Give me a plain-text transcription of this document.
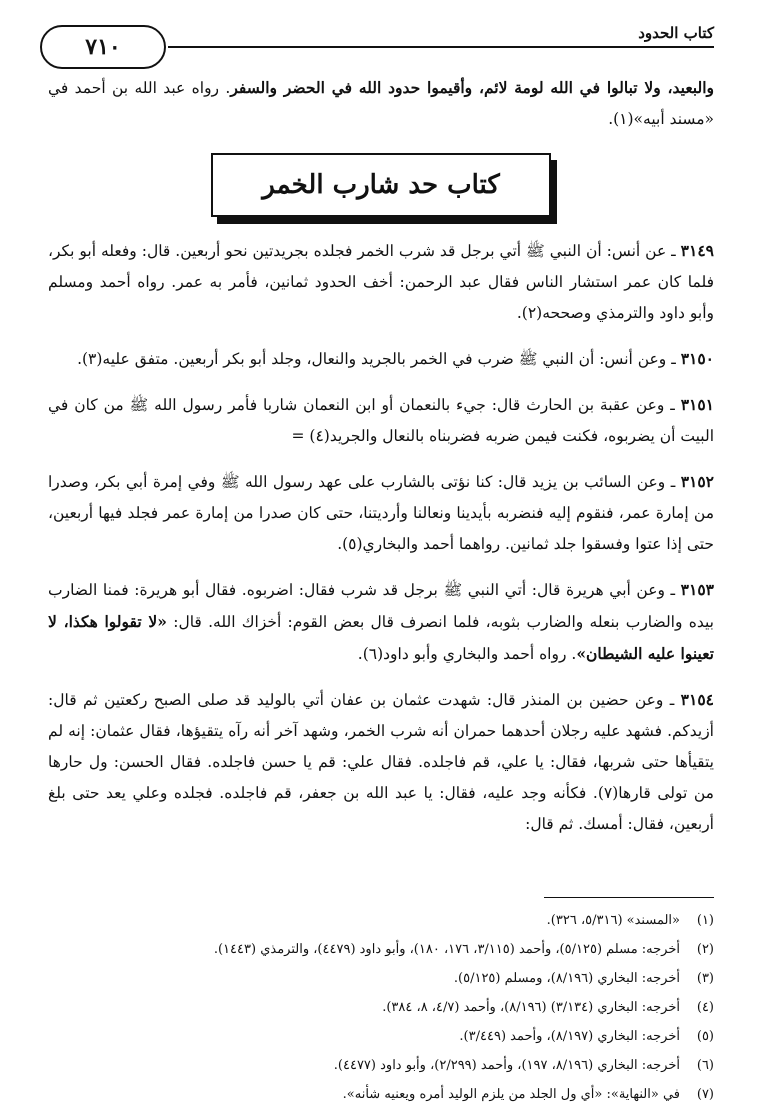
كتاب الحدود
٧١٠

والبعيد، ولا تبالوا في الله لومة لائم، وأقيموا حدود الله في الحضر والسفر. رواه عبد الله بن أحمد في «مسند أبيه»(١).

كتاب حد شارب الخمر

٣١٤٩ ـ عن أنس: أن النبي ﷺ أتي برجل قد شرب الخمر فجلده بجريدتين نحو أربعين. قال: وفعله أبو بكر، فلما كان عمر استشار الناس فقال عبد الرحمن: أخف الحدود ثمانين، فأمر به عمر. رواه أحمد ومسلم وأبو داود والترمذي وصححه(٢).

٣١٥٠ ـ وعن أنس: أن النبي ﷺ ضرب في الخمر بالجريد والنعال، وجلد أبو بكر أربعين. متفق عليه(٣).

٣١٥١ ـ وعن عقبة بن الحارث قال: جيء بالنعمان أو ابن النعمان شاربا فأمر رسول الله ﷺ من كان في البيت أن يضربوه، فكنت فيمن ضربه فضربناه بالنعال والجريد(٤) =

٣١٥٢ ـ وعن السائب بن يزيد قال: كنا نؤتى بالشارب على عهد رسول الله ﷺ وفي إمرة أبي بكر، وصدرا من إمارة عمر، فنقوم إليه فنضربه بأيدينا ونعالنا وأرديتنا، حتى كان صدرا من إمارة عمر فجلد فيها أربعين، حتى إذا عتوا وفسقوا جلد ثمانين. رواهما أحمد والبخاري(٥).

٣١٥٣ ـ وعن أبي هريرة قال: أتي النبي ﷺ برجل قد شرب فقال: اضربوه. فقال أبو هريرة: فمنا الضارب بيده والضارب بنعله والضارب بثوبه، فلما انصرف قال بعض القوم: أخزاك الله. قال: «لا تقولوا هكذا، لا تعينوا عليه الشيطان». رواه أحمد والبخاري وأبو داود(٦).

٣١٥٤ ـ وعن حضين بن المنذر قال: شهدت عثمان بن عفان أتي بالوليد قد صلى الصبح ركعتين ثم قال: أزيدكم. فشهد عليه رجلان أحدهما حمران أنه شرب الخمر، وشهد آخر أنه رآه يتقيؤها، فقال عثمان: إنه لم يتقيأها حتى شربها، فقال: يا علي، قم فاجلده. فقال علي: قم يا حسن فاجلده. فقال الحسن: ول حارها من تولى قارها(٧). فكأنه وجد عليه، فقال: يا عبد الله بن جعفر، قم فاجلده. فجلده وعلي يعد حتى بلغ أربعين، فقال: أمسك. ثم قال:

(١)
«المسند» (٥/٣١٦، ٣٢٦).
(٢)
أخرجه: مسلم (٥/١٢٥)، وأحمد (٣/١١٥، ١٧٦، ١٨٠)، وأبو داود (٤٤٧٩)، والترمذي (١٤٤٣).
(٣)
أخرجه: البخاري (٨/١٩٦)، ومسلم (٥/١٢٥).
(٤)
أخرجه: البخاري (٣/١٣٤) (٨/١٩٦)، وأحمد (٤/٧، ٨، ٣٨٤).
(٥)
أخرجه: البخاري (٨/١٩٧)، وأحمد (٣/٤٤٩).
(٦)
أخرجه: البخاري (٨/١٩٦، ١٩٧)، وأحمد (٢/٢٩٩)، وأبو داود (٤٤٧٧).
(٧)
في «النهاية»: «أي ول الجلد من يلزم الوليد أمره ويعنيه شأنه».
